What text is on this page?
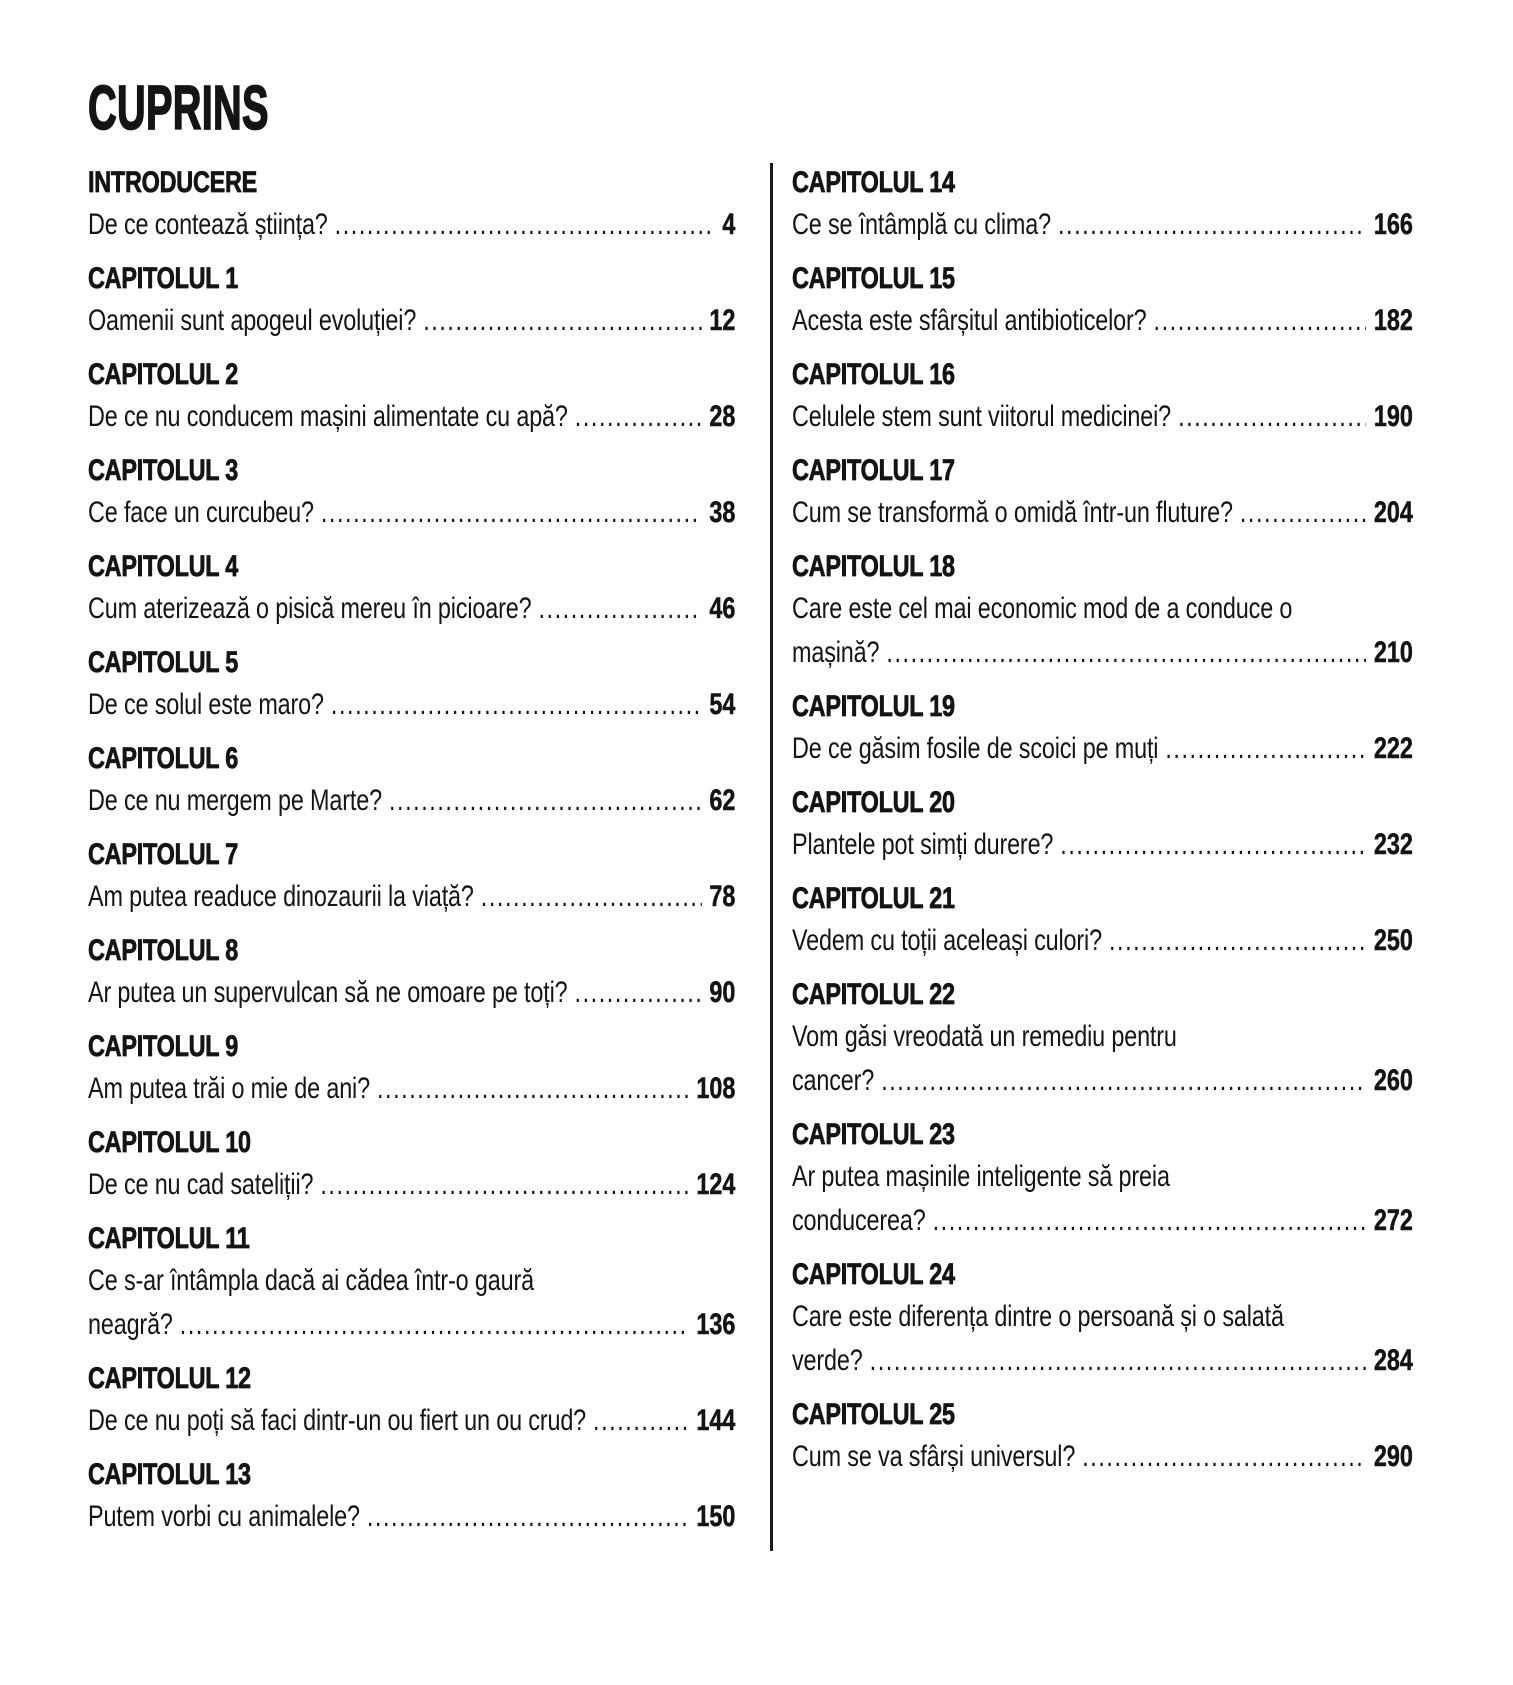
CUPRINS
INTRODUCERE
De ce contează știința? .....	4
CAPITOLUL 1
Oamenii sunt apogeul evoluției? .....	12
CAPITOLUL 2
De ce nu conducem mașini alimentate cu apă? .....	28
CAPITOLUL 3
Ce face un curcubeu? .....	38
CAPITOLUL 4
Cum aterizează o pisică mereu în picioare? .....	46
CAPITOLUL 5
De ce solul este maro? .....	54
CAPITOLUL 6
De ce nu mergem pe Marte? .....	62
CAPITOLUL 7
Am putea readuce dinozaurii la viață? .....	78
CAPITOLUL 8
Ar putea un supervulcan să ne omoare pe toți? .....	90
CAPITOLUL 9
Am putea trăi o mie de ani? .....	108
CAPITOLUL 10
De ce nu cad sateliții? .....	124
CAPITOLUL 11
Ce s-ar întâmpla dacă ai cădea într-o gaură
neagră? .....	136
CAPITOLUL 12
De ce nu poți să faci dintr-un ou fiert un ou crud? .....	144
CAPITOLUL 13
Putem vorbi cu animalele? .....	150
CAPITOLUL 14
Ce se întâmplă cu clima? .....	166
CAPITOLUL 15
Acesta este sfârșitul antibioticelor? .....	182
CAPITOLUL 16
Celulele stem sunt viitorul medicinei? .....	190
CAPITOLUL 17
Cum se transformă o omidă într-un fluture? .....	204
CAPITOLUL 18
Care este cel mai economic mod de a conduce o
mașină? .....	210
CAPITOLUL 19
De ce găsim fosile de scoici pe muți .....	222
CAPITOLUL 20
Plantele pot simți durere? .....	232
CAPITOLUL 21
Vedem cu toții aceleași culori? .....	250
CAPITOLUL 22
Vom găsi vreodată un remediu pentru
cancer? .....	260
CAPITOLUL 23
Ar putea mașinile inteligente să preia
conducerea? .....	272
CAPITOLUL 24
Care este diferența dintre o persoană și o salată
verde? .....	284
CAPITOLUL 25
Cum se va sfârși universul? .....	290
